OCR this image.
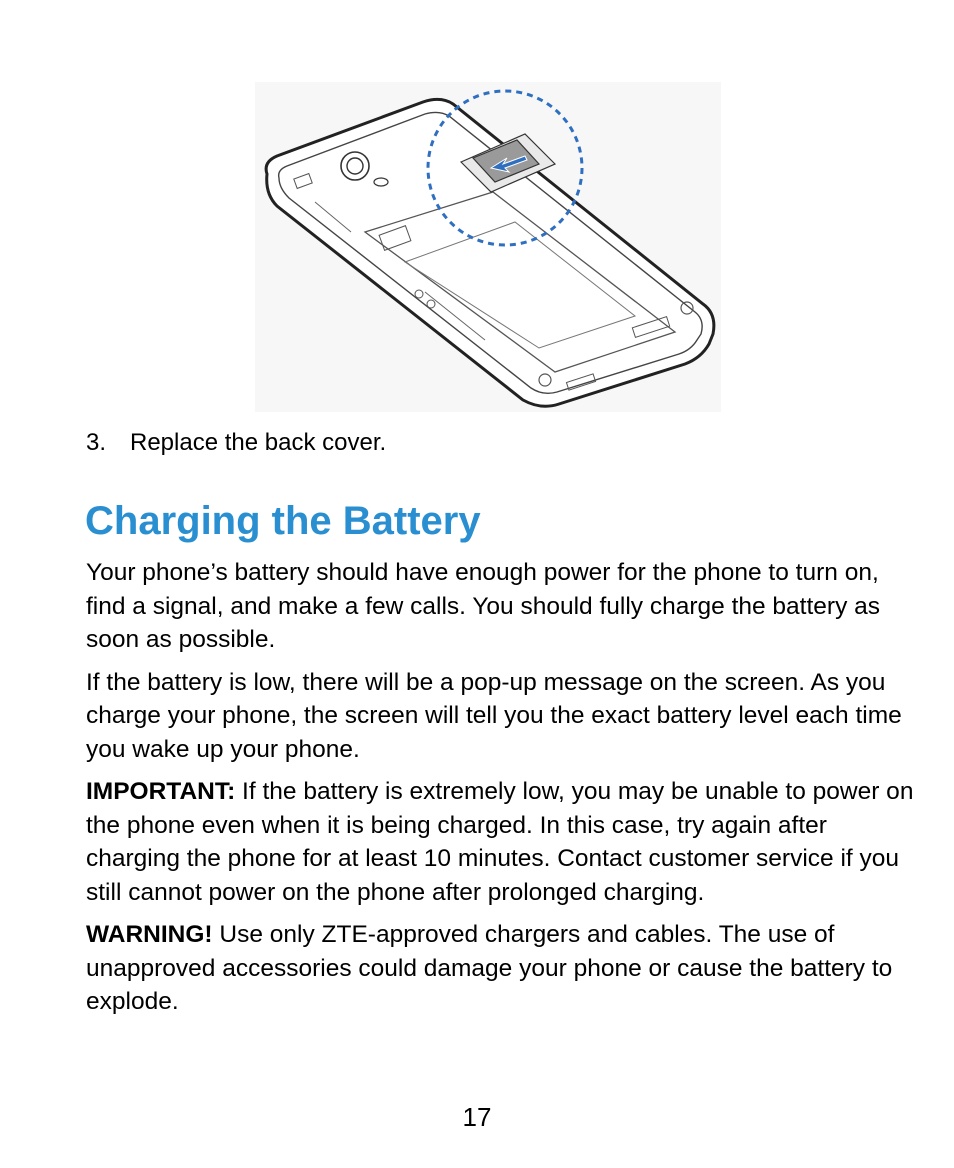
3. Replace the back cover.
Charging the Battery

Your phone’s battery should have enough power for the phone to turn on, find a signal, and make a few calls. You should fully charge the battery as soon as possible.

If the battery is low, there will be a pop-up message on the screen. As you charge your phone, the screen will tell you the exact battery level each time you wake up your phone.

IMPORTANT: If the battery is extremely low, you may be unable to power on the phone even when it is being charged. In this case, try again after charging the phone for at least 10 minutes. Contact customer service if you still cannot power on the phone after prolonged charging.

WARNING! Use only ZTE-approved chargers and cables. The use of unapproved accessories could damage your phone or cause the battery to explode.

17
